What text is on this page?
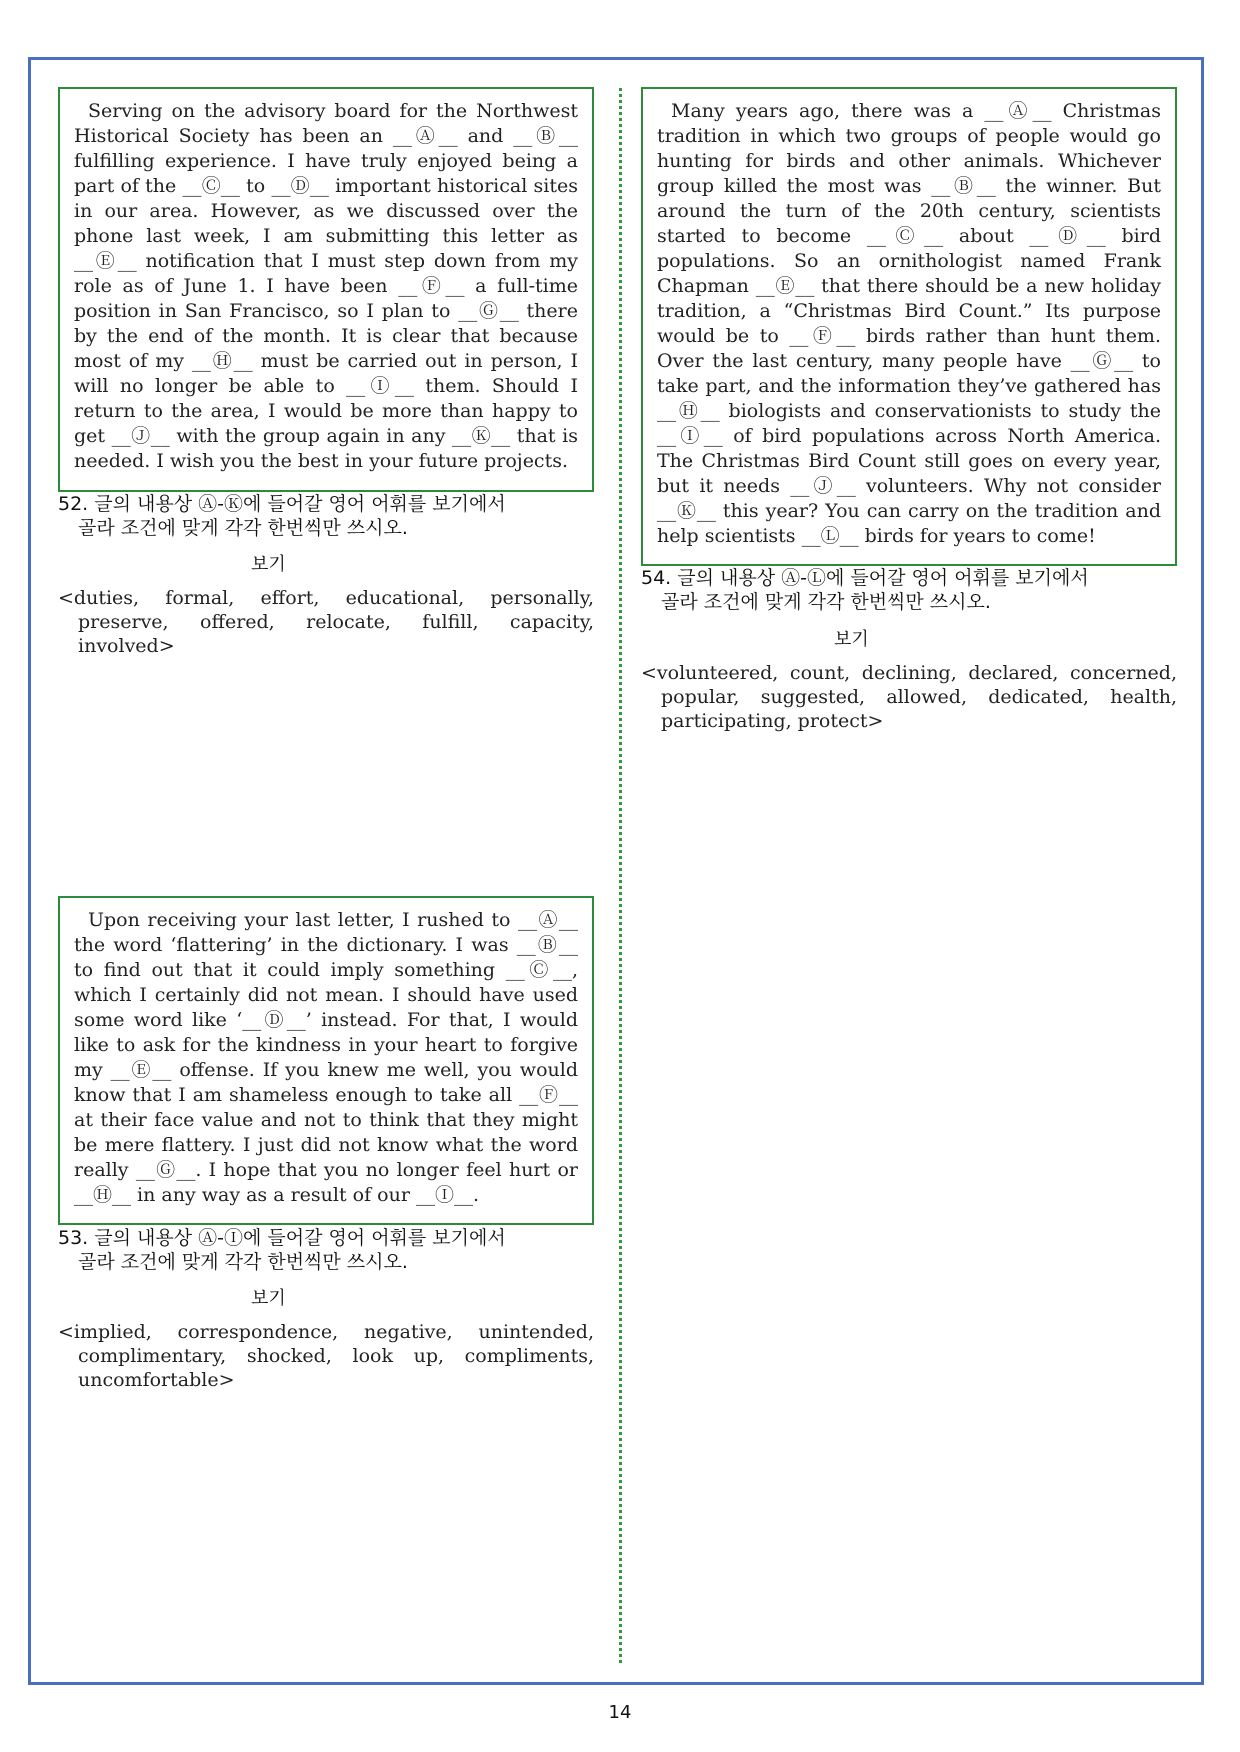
Serving on the advisory board for the Northwest Historical Society has been an __Ⓐ__ and __Ⓑ__ fulfilling experience. I have truly enjoyed being a part of the __Ⓒ__ to __Ⓓ__ important historical sites in our area. However, as we discussed over the phone last week, I am submitting this letter as __Ⓔ__ notification that I must step down from my role as of June 1. I have been __Ⓕ__ a full-time position in San Francisco, so I plan to __Ⓖ__ there by the end of the month. It is clear that because most of my __Ⓗ__ must be carried out in person, I will no longer be able to __Ⓘ__ them. Should I return to the area, I would be more than happy to get __Ⓙ__ with the group again in any __Ⓚ__ that is needed. I wish you the best in your future projects.

52. 글의 내용상 Ⓐ-Ⓚ에 들어갈 영어 어휘를 보기에서
골라 조건에 맞게 각각 한번씩만 쓰시오.
보기
<duties, formal, effort, educational, personally, preserve, offered, relocate, fulfill, capacity, involved>

Upon receiving your last letter, I rushed to __Ⓐ__ the word ‘flattering’ in the dictionary. I was __Ⓑ__ to find out that it could imply something __Ⓒ__, which I certainly did not mean. I should have used some word like ‘__Ⓓ__’ instead. For that, I would like to ask for the kindness in your heart to forgive my __Ⓔ__ offense. If you knew me well, you would know that I am shameless enough to take all __Ⓕ__ at their face value and not to think that they might be mere flattery. I just did not know what the word really __Ⓖ__. I hope that you no longer feel hurt or __Ⓗ__ in any way as a result of our __Ⓘ__.

53. 글의 내용상 Ⓐ-Ⓘ에 들어갈 영어 어휘를 보기에서
골라 조건에 맞게 각각 한번씩만 쓰시오.
보기
<implied, correspondence, negative, unintended, complimentary, shocked, look up, compliments, uncomfortable>

Many years ago, there was a __Ⓐ__ Christmas tradition in which two groups of people would go hunting for birds and other animals. Whichever group killed the most was __Ⓑ__ the winner. But around the turn of the 20th century, scientists started to become __Ⓒ__ about __Ⓓ__ bird populations. So an ornithologist named Frank Chapman __Ⓔ__ that there should be a new holiday tradition, a “Christmas Bird Count.” Its purpose would be to __Ⓕ__ birds rather than hunt them. Over the last century, many people have __Ⓖ__ to take part, and the information they’ve gathered has __Ⓗ__ biologists and conservationists to study the __Ⓘ__ of bird populations across North America. The Christmas Bird Count still goes on every year, but it needs __Ⓙ__ volunteers. Why not consider __Ⓚ__ this year? You can carry on the tradition and help scientists __Ⓛ__ birds for years to come!

54. 글의 내용상 Ⓐ-Ⓛ에 들어갈 영어 어휘를 보기에서
골라 조건에 맞게 각각 한번씩만 쓰시오.
보기
<volunteered, count, declining, declared, concerned, popular, suggested, allowed, dedicated, health, participating, protect>
14
